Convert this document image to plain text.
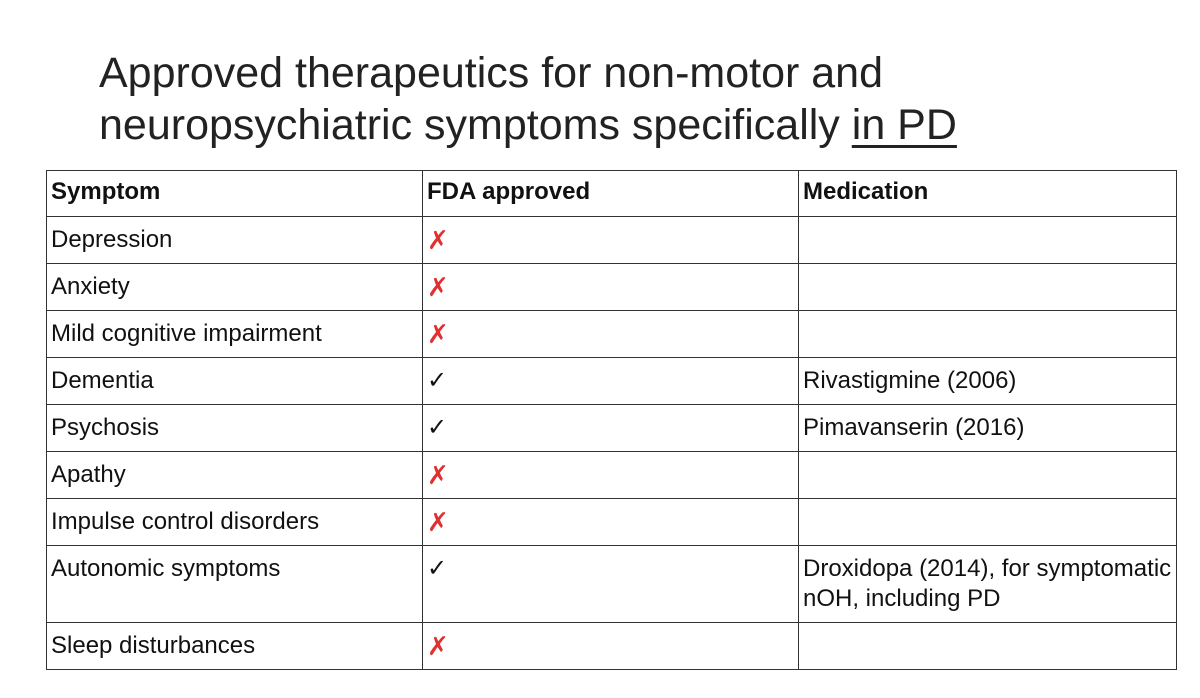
Approved therapeutics for non-motor and neuropsychiatric symptoms specifically in PD
Symptom	FDA approved	Medication
Depression	✗	
Anxiety	✗	
Mild cognitive impairment	✗	
Dementia	✓	Rivastigmine (2006)
Psychosis	✓	Pimavanserin (2016)
Apathy	✗	
Impulse control disorders	✗	
Autonomic symptoms	✓	Droxidopa (2014), for symptomatic nOH, including PD
Sleep disturbances	✗	
